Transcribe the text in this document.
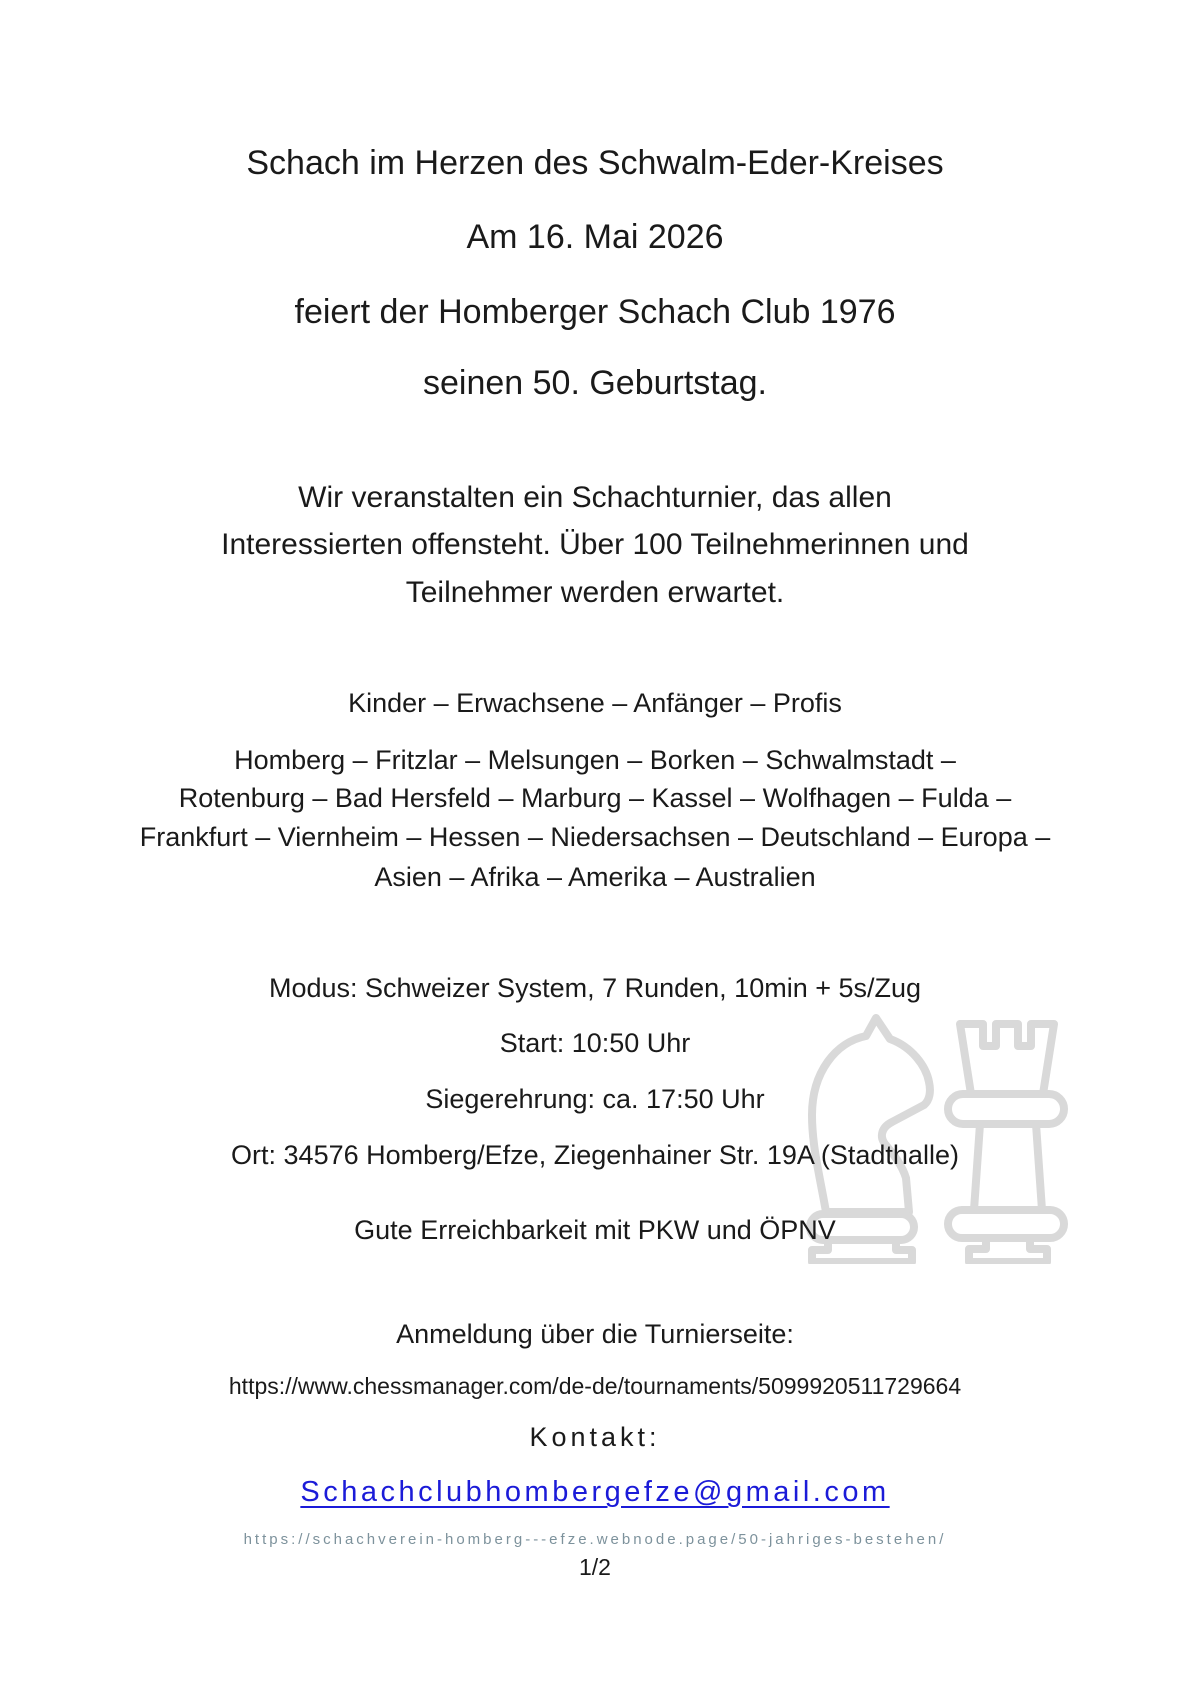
Schach im Herzen des Schwalm-Eder-Kreises
Am 16. Mai 2026
feiert der Homberger Schach Club 1976
seinen 50. Geburtstag.
Wir veranstalten ein Schachturnier, das allen
Interessierten offensteht. Über 100 Teilnehmerinnen und
Teilnehmer werden erwartet.
Kinder – Erwachsene – Anfänger – Profis
Homberg – Fritzlar – Melsungen – Borken – Schwalmstadt –
Rotenburg – Bad Hersfeld – Marburg – Kassel – Wolfhagen – Fulda –
Frankfurt – Viernheim – Hessen – Niedersachsen – Deutschland – Europa –
Asien – Afrika – Amerika – Australien
Modus: Schweizer System, 7 Runden, 10min + 5s/Zug
Start: 10:50 Uhr
Siegerehrung: ca. 17:50 Uhr
Ort: 34576 Homberg/Efze, Ziegenhainer Str. 19A (Stadthalle)
Gute Erreichbarkeit mit PKW und ÖPNV
Anmeldung über die Turnierseite:
https://www.chessmanager.com/de-de/tournaments/5099920511729664
Kontakt:
Schachclubhombergefze@gmail.com
https://schachverein-homberg---efze.webnode.page/50-jahriges-bestehen/
1/2
